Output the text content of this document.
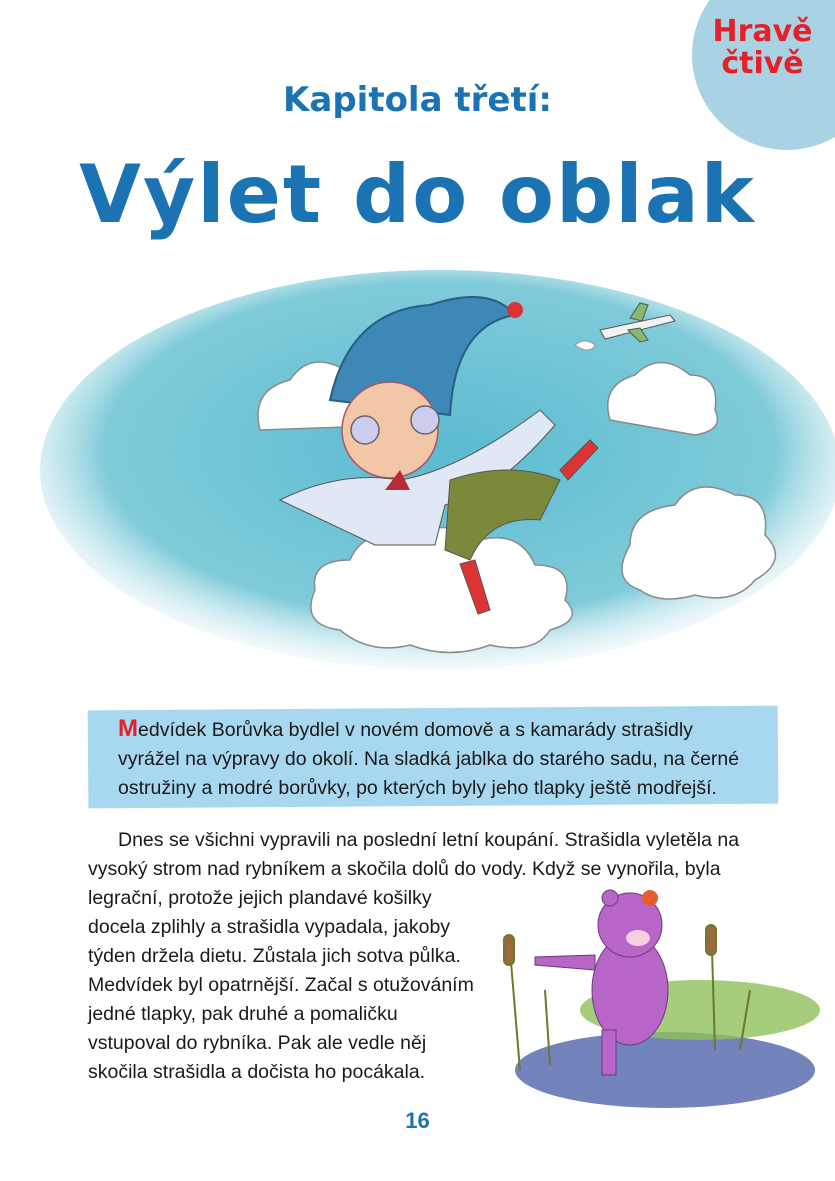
Hravě
čtivě
Kapitola třetí:
Výlet do oblak
Medvídek Borůvka bydlel v novém domově a s kamarády strašidly
vyrážel na výpravy do okolí. Na sladká jablka do starého sadu, na černé
ostružiny a modré borůvky, po kterých byly jeho tlapky ještě modřejší.
Dnes se všichni vypravili na poslední letní koupání. Strašidla vyletěla na
vysoký strom nad rybníkem a skočila dolů do vody. Když se vynořila, byla
legrační, protože jejich plandavé košilky
docela zplihly a strašidla vypadala, jakoby
týden držela dietu. Zůstala jich sotva půlka.
Medvídek byl opatrnější. Začal s otužováním
jedné tlapky, pak druhé a pomaličku
vstupoval do rybníka. Pak ale vedle něj
skočila strašidla a dočista ho pocákala.
16
